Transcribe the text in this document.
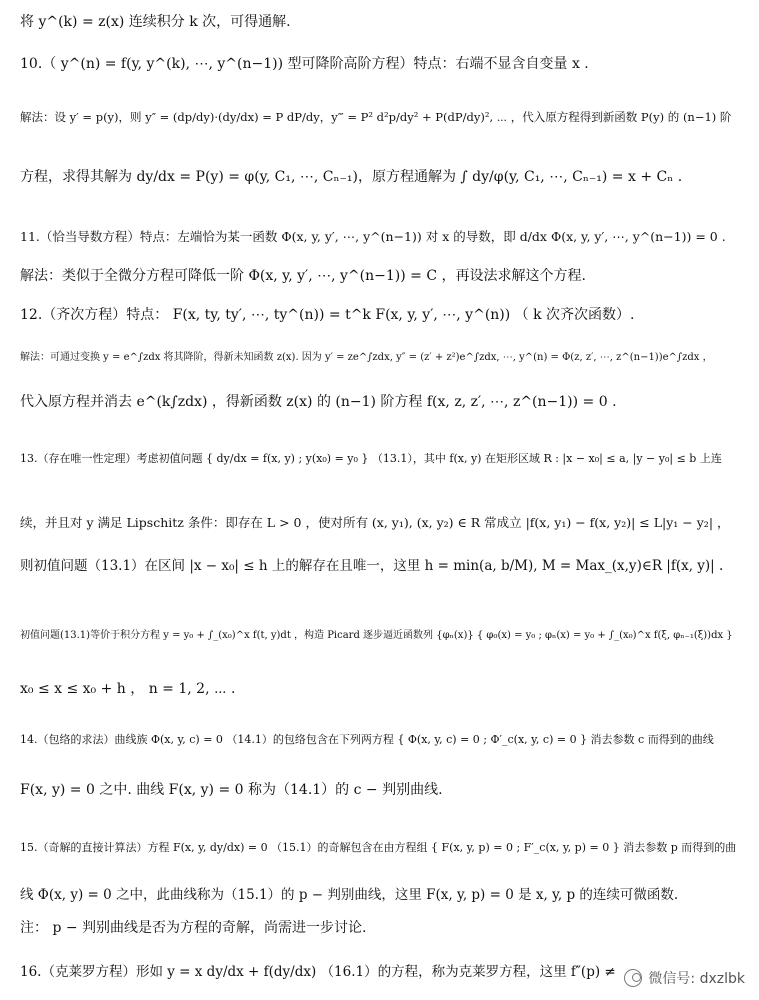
将 y^(k) = z(x) 连续积分 k 次，可得通解.
10.（ y^(n) = f(y, y^(k), ⋯, y^(n−1)) 型可降阶高阶方程）特点：右端不显含自变量 x .
解法：设 y′ = p(y)，则 y″ = (dp/dy)·(dy/dx) = P dP/dy，y‴ = P² d²p/dy² + P(dP/dy)², ⋯ ，代入原方程得到新函数 P(y) 的 (n−1) 阶
方程，求得其解为 dy/dx = P(y) = φ(y, C₁, ⋯, Cₙ₋₁)，原方程通解为 ∫ dy/φ(y, C₁, ⋯, Cₙ₋₁) = x + Cₙ .
11.（恰当导数方程）特点：左端恰为某一函数 Φ(x, y, y′, ⋯, y^(n−1)) 对 x 的导数，即 d/dx Φ(x, y, y′, ⋯, y^(n−1)) = 0 .
解法：类似于全微分方程可降低一阶 Φ(x, y, y′, ⋯, y^(n−1)) = C ，再设法求解这个方程.
12.（齐次方程）特点： F(x, ty, ty′, ⋯, ty^(n)) = t^k F(x, y, y′, ⋯, y^(n)) （ k 次齐次函数）.
解法：可通过变换 y = e^∫zdx 将其降阶，得新未知函数 z(x). 因为 y′ = ze^∫zdx, y″ = (z′ + z²)e^∫zdx, ⋯, y^(n) = Φ(z, z′, ⋯, z^(n−1))e^∫zdx ，
代入原方程并消去 e^(k∫zdx) ，得新函数 z(x) 的 (n−1) 阶方程 f(x, z, z′, ⋯, z^(n−1)) = 0 .
13.（存在唯一性定理）考虑初值问题 { dy/dx = f(x, y) ; y(x₀) = y₀ } （13.1），其中 f(x, y) 在矩形区域 R : |x − x₀| ≤ a, |y − y₀| ≤ b 上连
续，并且对 y 满足 Lipschitz 条件：即存在 L > 0 ，使对所有 (x, y₁), (x, y₂) ∈ R 常成立 |f(x, y₁) − f(x, y₂)| ≤ L|y₁ − y₂| ，
则初值问题（13.1）在区间 |x − x₀| ≤ h 上的解存在且唯一，这里 h = min(a, b/M), M = Max_(x,y)∈R |f(x, y)| .
初值问题(13.1)等价于积分方程 y = y₀ + ∫_(x₀)^x f(t, y)dt ，构造 Picard 逐步逼近函数列 {φₙ(x)} { φ₀(x) = y₀ ; φₙ(x) = y₀ + ∫_(x₀)^x f(ξ, φₙ₋₁(ξ))dx }
x₀ ≤ x ≤ x₀ + h ， n = 1, 2, ⋯ .
14.（包络的求法）曲线族 Φ(x, y, c) = 0 （14.1）的包络包含在下列两方程 { Φ(x, y, c) = 0 ; Φ′_c(x, y, c) = 0 } 消去参数 c 而得到的曲线
F(x, y) = 0 之中. 曲线 F(x, y) = 0 称为（14.1）的 c − 判别曲线.
15.（奇解的直接计算法）方程 F(x, y, dy/dx) = 0 （15.1）的奇解包含在由方程组 { F(x, y, p) = 0 ; F′_c(x, y, p) = 0 } 消去参数 p 而得到的曲
线 Φ(x, y) = 0 之中，此曲线称为（15.1）的 p − 判别曲线，这里 F(x, y, p) = 0 是 x, y, p 的连续可微函数.
注： p − 判别曲线是否为方程的奇解，尚需进一步讨论.
16.（克莱罗方程）形如 y = x dy/dx + f(dy/dx) （16.1）的方程，称为克莱罗方程，这里 f″(p) ≠ 微信号: dxzlbk
